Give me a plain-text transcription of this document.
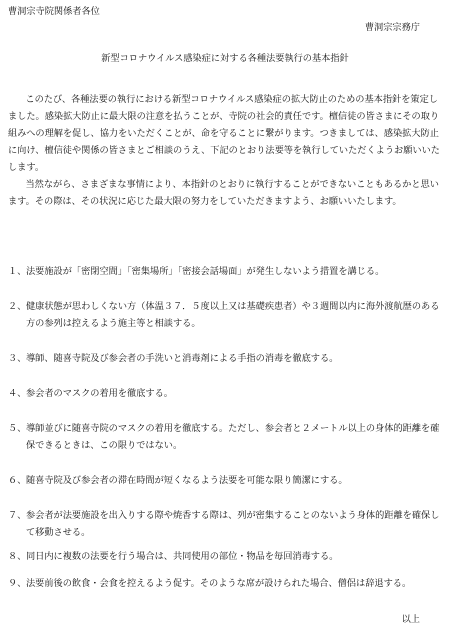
曹洞宗寺院関係者各位
曹洞宗宗務庁
新型コロナウイルス感染症に対する各種法要執行の基本指針

このたび、各種法要の執行における新型コロナウイルス感染症の拡大防止のための基本指針を策定しました。感染拡大防止に最大限の注意を払うことが、寺院の社会的責任です。檀信徒の皆さまにその取り組みへの理解を促し、協力をいただくことが、命を守ることに繋がります。つきましては、感染拡大防止に向け、檀信徒や関係の皆さまとご相談のうえ、下記のとおり法要等を執行していただくようお願いいたします。

当然ながら、さまざまな事情により、本指針のとおりに執行することができないこともあるかと思います。その際は、その状況に応じた最大限の努力をしていただきますよう、お願いいたします。

１、 法要施設が「密閉空間」「密集場所」「密接会話場面」が発生しないよう措置を講じる。
２、 健康状態が思わしくない方（体温３７．５度以上又は基礎疾患者）や３週間以内に海外渡航歴のある方の参列は控えるよう施主等と相談する。
３、 導師、随喜寺院及び参会者の手洗いと消毒剤による手指の消毒を徹底する。
４、 参会者のマスクの着用を徹底する。
５、 導師並びに随喜寺院のマスクの着用を徹底する。ただし、参会者と２メートル以上の身体的距離を確保できるときは、この限りではない。
６、 随喜寺院及び参会者の滞在時間が短くなるよう法要を可能な限り簡潔にする。
７、 参会者が法要施設を出入りする際や焼香する際は、列が密集することのないよう身体的距離を確保して移動させる。
８、 同日内に複数の法要を行う場合は、共同使用の部位・物品を毎回消毒する。
９、 法要前後の飲食・会食を控えるよう促す。そのような席が設けられた場合、僧侶は辞退する。
以上
